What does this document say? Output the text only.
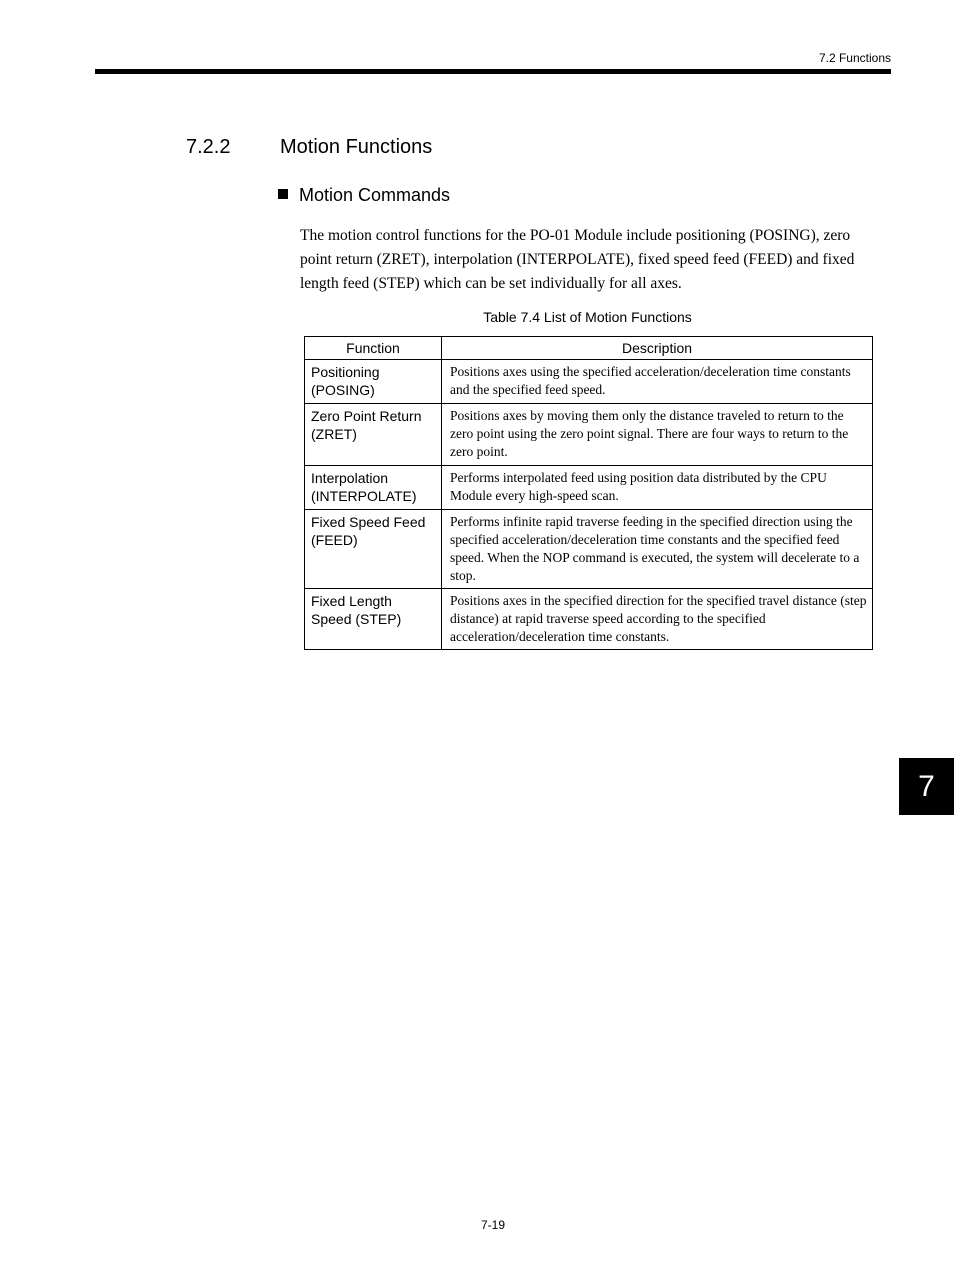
7.2 Functions
7.2.2 Motion Functions
Motion Commands

The motion control functions for the PO-01 Module include positioning (POSING), zero point return (ZRET), interpolation (INTERPOLATE), fixed speed feed (FEED) and fixed length feed (STEP) which can be set individually for all axes.

Table 7.4 List of Motion Functions
Function	Description
Positioning (POSING)	Positions axes using the specified acceleration/deceleration time constants and the specified feed speed.
Zero Point Return (ZRET)	Positions axes by moving them only the distance traveled to return to the zero point using the zero point signal. There are four ways to return to the zero point.
Interpolation (INTERPOLATE)	Performs interpolated feed using position data distributed by the CPU Module every high-speed scan.
Fixed Speed Feed (FEED)	Performs infinite rapid traverse feeding in the specified direction using the specified acceleration/deceleration time constants and the specified feed speed. When the NOP command is executed, the system will decelerate to a stop.
Fixed Length Speed (STEP)	Positions axes in the specified direction for the specified travel distance (step distance) at rapid traverse speed according to the specified acceleration/deceleration time constants.
7
7-19
